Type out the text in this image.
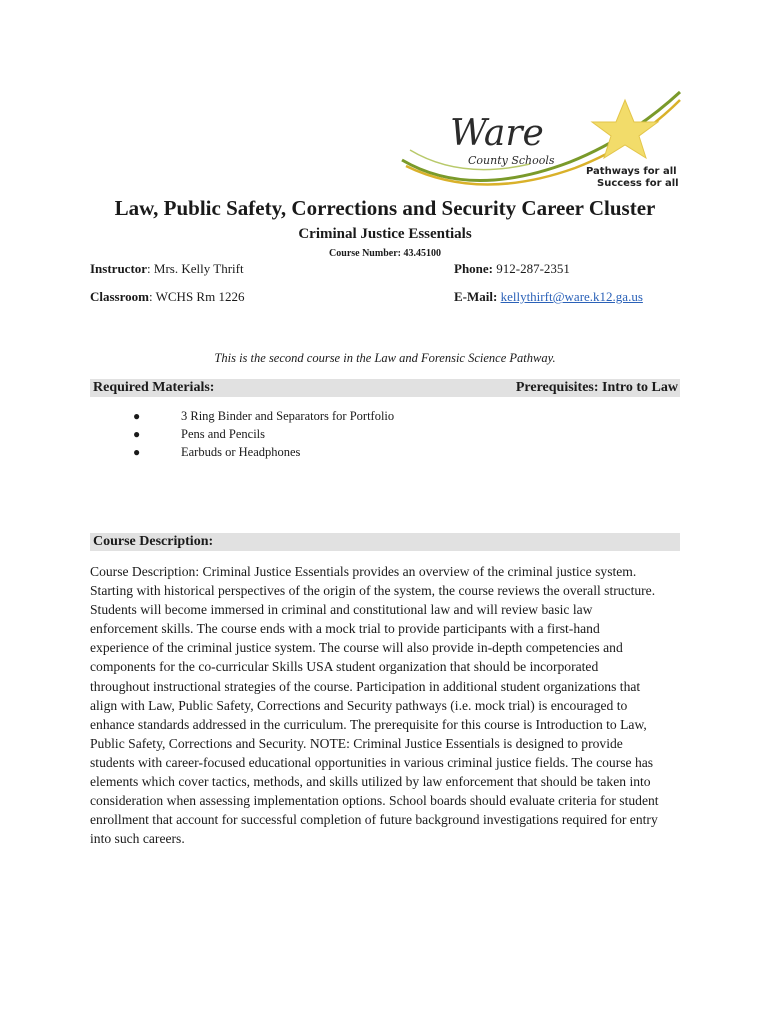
Ware
County Schools
Pathways for all
Success for all
Law, Public Safety, Corrections and Security Career Cluster
Criminal Justice Essentials
Course Number: 43.45100
Instructor: Mrs. Kelly Thrift	Phone: 912-287-2351
Classroom: WCHS Rm 1226	E-Mail: kellythirft@ware.k12.ga.us
This is the second course in the Law and Forensic Science Pathway.
Required Materials:	Prerequisites: Intro to Law
●	3 Ring Binder and Separators for Portfolio
●	Pens and Pencils
●	Earbuds or Headphones
Course Description:
Course Description: Criminal Justice Essentials provides an overview of the criminal justice system. Starting with historical perspectives of the origin of the system, the course reviews the overall structure. Students will become immersed in criminal and constitutional law and will review basic law enforcement skills. The course ends with a mock trial to provide participants with a first-hand experience of the criminal justice system. The course will also provide in-depth competencies and components for the co-curricular Skills USA student organization that should be incorporated throughout instructional strategies of the course. Participation in additional student organizations that align with Law, Public Safety, Corrections and Security pathways (i.e. mock trial) is encouraged to enhance standards addressed in the curriculum. The prerequisite for this course is Introduction to Law, Public Safety, Corrections and Security. NOTE: Criminal Justice Essentials is designed to provide students with career-focused educational opportunities in various criminal justice fields. The course has elements which cover tactics, methods, and skills utilized by law enforcement that should be taken into consideration when assessing implementation options. School boards should evaluate criteria for student enrollment that account for successful completion of future background investigations required for entry into such careers.
